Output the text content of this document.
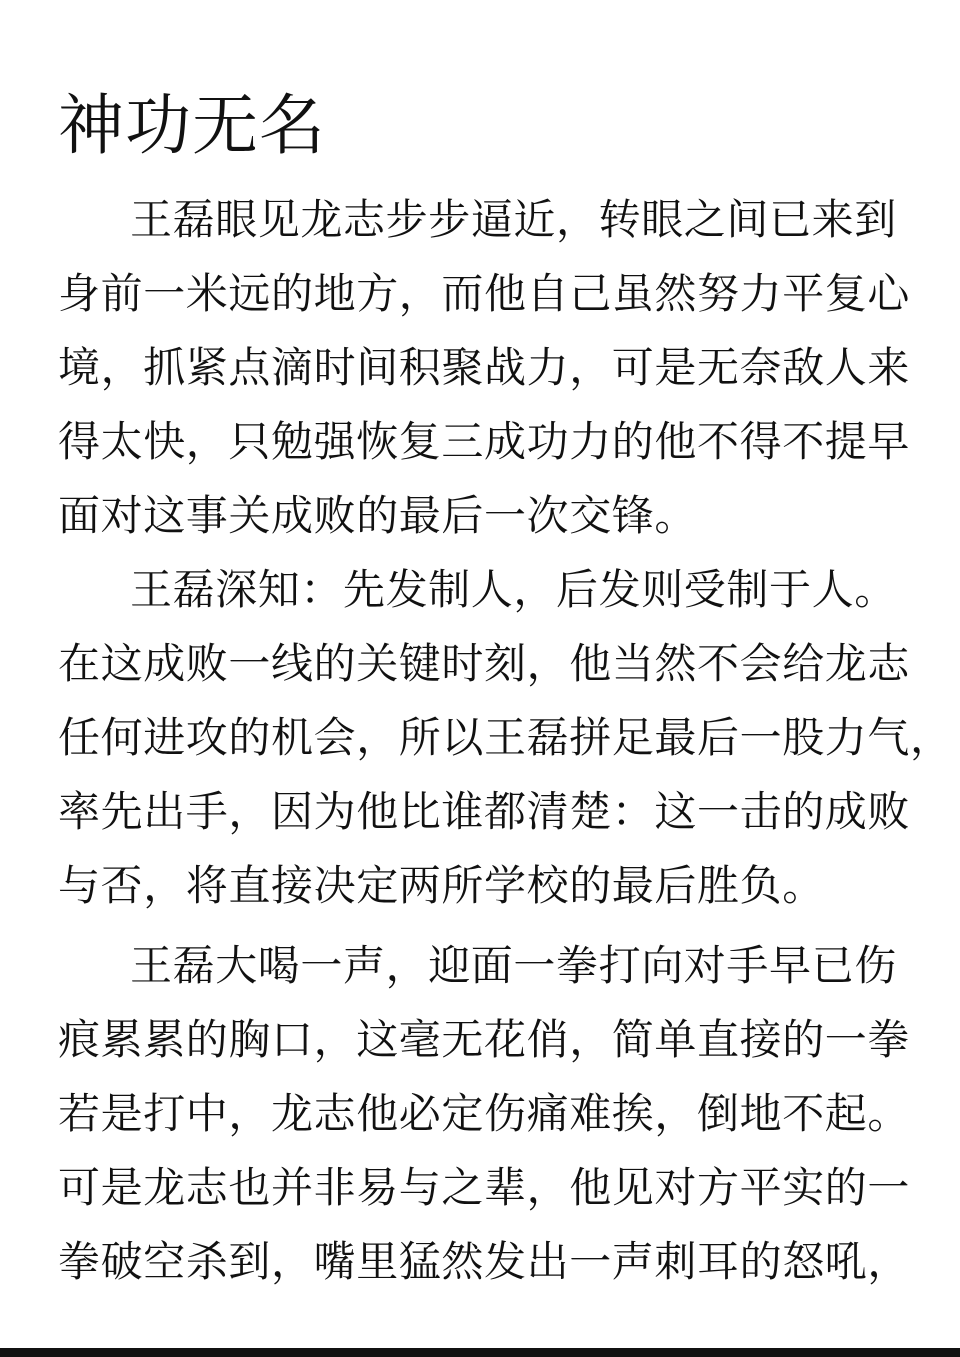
神功无名
王磊眼见龙志步步逼近，转眼之间已来到
身前一米远的地方，而他自己虽然努力平复心
境，抓紧点滴时间积聚战力，可是无奈敌人来
得太快，只勉强恢复三成功力的他不得不提早
面对这事关成败的最后一次交锋。
王磊深知：先发制人，后发则受制于人。
在这成败一线的关键时刻，他当然不会给龙志
任何进攻的机会，所以王磊拼足最后一股力气，
率先出手，因为他比谁都清楚：这一击的成败
与否，将直接决定两所学校的最后胜负。
王磊大喝一声，迎面一拳打向对手早已伤
痕累累的胸口，这毫无花俏，简单直接的一拳
若是打中，龙志他必定伤痛难挨，倒地不起。
可是龙志也并非易与之辈，他见对方平实的一
拳破空杀到，嘴里猛然发出一声刺耳的怒吼，
